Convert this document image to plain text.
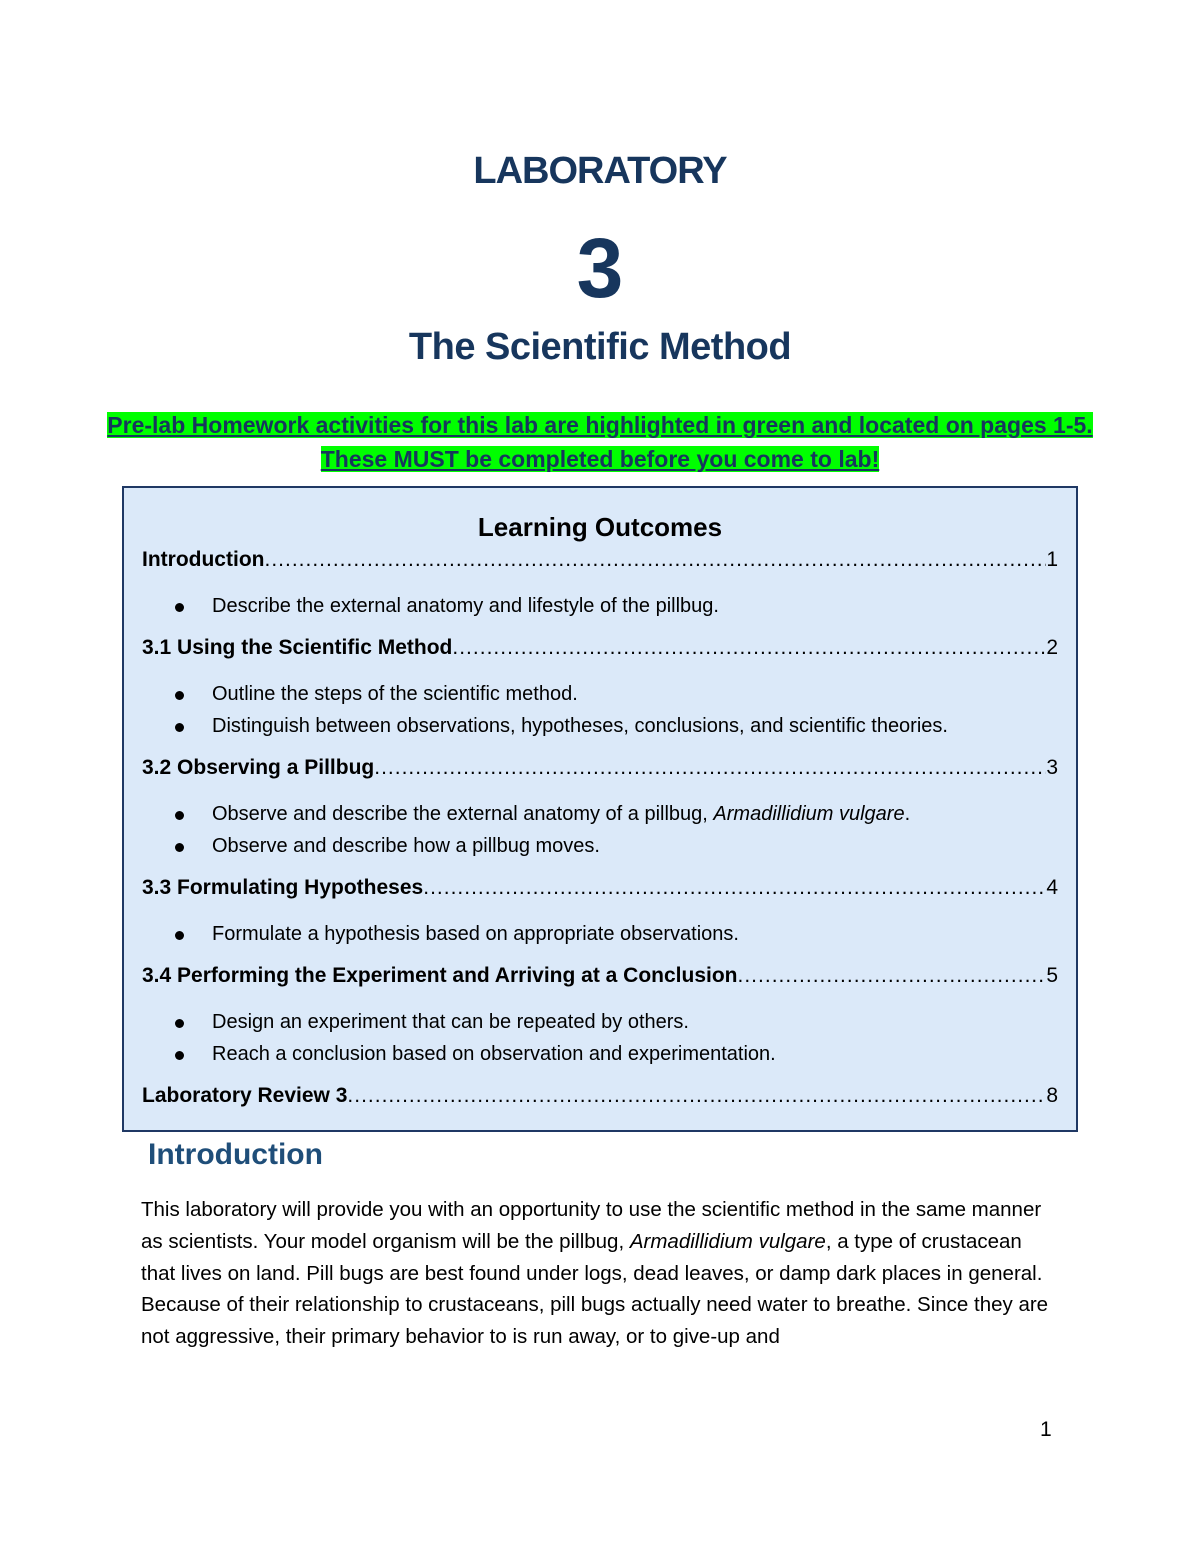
LABORATORY
3
The Scientific Method
Pre-lab Homework activities for this lab are highlighted in green and located on pages 1-5. These MUST be completed before you come to lab!
Learning Outcomes
Introduction .....	1
Describe the external anatomy and lifestyle of the pillbug.
3.1 Using the Scientific Method .....	2
Outline the steps of the scientific method.
Distinguish between observations, hypotheses, conclusions, and scientific theories.
3.2 Observing a Pillbug .....	3
Observe and describe the external anatomy of a pillbug, Armadillidium vulgare.
Observe and describe how a pillbug moves.
3.3 Formulating Hypotheses .....	4
Formulate a hypothesis based on appropriate observations.
3.4 Performing the Experiment and Arriving at a Conclusion .....	5
Design an experiment that can be repeated by others.
Reach a conclusion based on observation and experimentation.
Laboratory Review 3 .....	8
Introduction
This laboratory will provide you with an opportunity to use the scientific method in the same manner as scientists. Your model organism will be the pillbug, Armadillidium vulgare, a type of crustacean that lives on land. Pill bugs are best found under logs, dead leaves, or damp dark places in general. Because of their relationship to crustaceans, pill bugs actually need water to breathe. Since they are not aggressive, their primary behavior to is run away, or to give-up and
1
